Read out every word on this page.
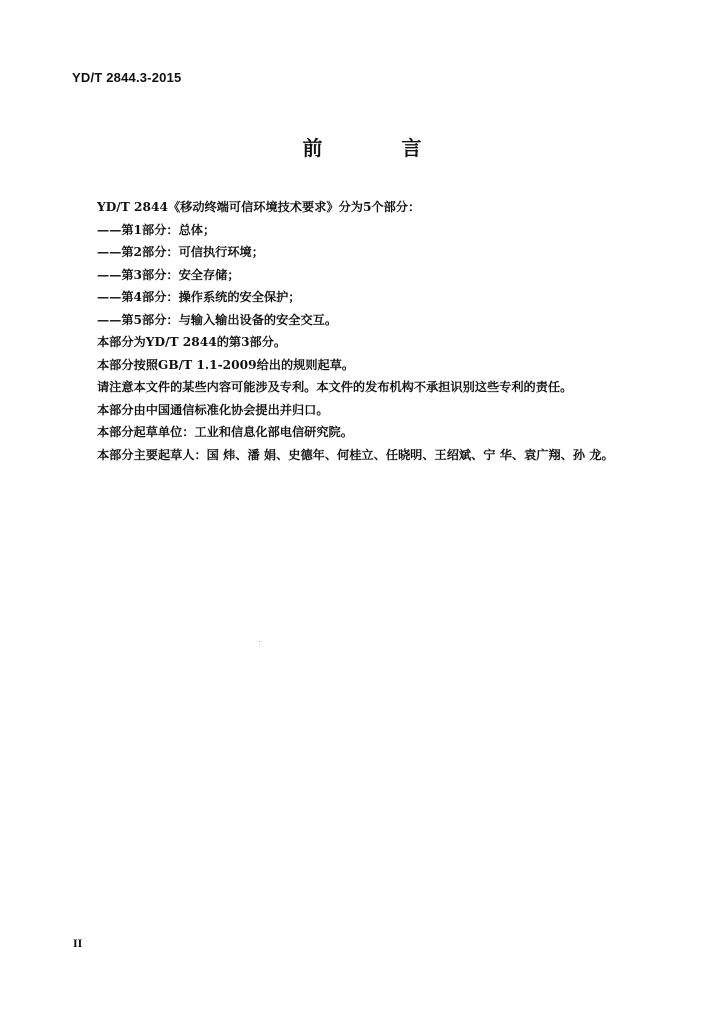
YD/T 2844.3-2015
前 言
YD/T 2844《移动终端可信环境技术要求》分为5个部分：
——第1部分：总体；
——第2部分：可信执行环境；
——第3部分：安全存储；
——第4部分：操作系统的安全保护；
——第5部分：与输入输出设备的安全交互。
本部分为YD/T 2844的第3部分。
本部分按照GB/T 1.1-2009给出的规则起草。
请注意本文件的某些内容可能涉及专利。本文件的发布机构不承担识别这些专利的责任。
本部分由中国通信标准化协会提出并归口。
本部分起草单位：工业和信息化部电信研究院。
本部分主要起草人：国 炜、潘 娟、史德年、何桂立、任晓明、王绍斌、宁 华、袁广翔、孙 龙。
II
